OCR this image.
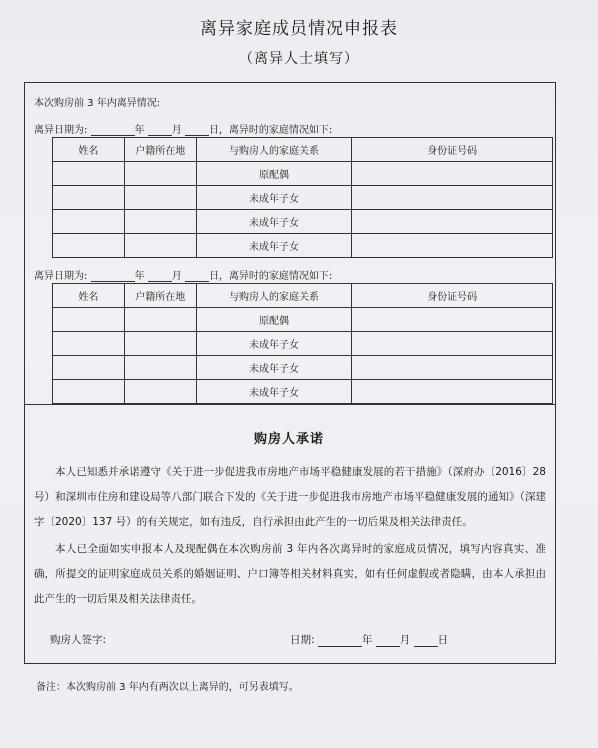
离异家庭成员情况申报表
（离异人士填写）
本次购房前 3 年内离异情况:
离异日期为:	年	月	日，离异时的家庭情况如下:
姓名	户籍所在地	与购房人的家庭关系	身份证号码
		原配偶	
		未成年子女	
		未成年子女	
		未成年子女	
离异日期为:	年	月	日，离异时的家庭情况如下:
姓名	户籍所在地	与购房人的家庭关系	身份证号码
		原配偶	
		未成年子女	
		未成年子女	
		未成年子女	
购房人承诺
本人已知悉并承诺遵守《关于进一步促进我市房地产市场平稳健康发展的若干措施》（深府办〔2016〕28 号）和深圳市住房和建设局等八部门联合下发的《关于进一步促进我市房地产市场平稳健康发展的通知》（深建字〔2020〕137 号）的有关规定，如有违反，自行承担由此产生的一切后果及相关法律责任。
本人已全面如实申报本人及现配偶在本次购房前 3 年内各次离异时的家庭成员情况，填写内容真实、准确，所提交的证明家庭成员关系的婚姻证明、户口簿等相关材料真实，如有任何虚假或者隐瞒，由本人承担由此产生的一切后果及相关法律责任。
购房人签字:	日期:	年	月	日
备注：本次购房前 3 年内有两次以上离异的，可另表填写。
